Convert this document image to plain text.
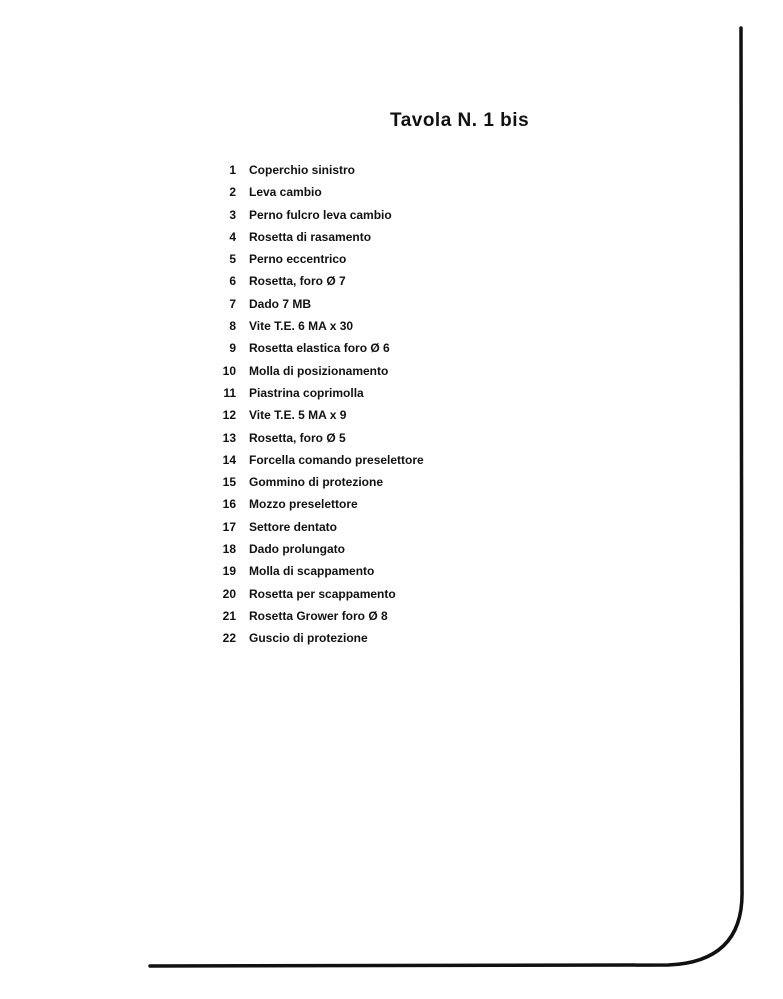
Tavola N. 1 bis
1 Coperchio sinistro
2 Leva cambio
3 Perno fulcro leva cambio
4 Rosetta di rasamento
5 Perno eccentrico
6 Rosetta, foro Ø 7
7 Dado 7 MB
8 Vite T.E. 6 MA x 30
9 Rosetta elastica foro Ø 6
10 Molla di posizionamento
11 Piastrina coprimolla
12 Vite T.E. 5 MA x 9
13 Rosetta, foro Ø 5
14 Forcella comando preselettore
15 Gommino di protezione
16 Mozzo preselettore
17 Settore dentato
18 Dado prolungato
19 Molla di scappamento
20 Rosetta per scappamento
21 Rosetta Grower foro Ø 8
22 Guscio di protezione
